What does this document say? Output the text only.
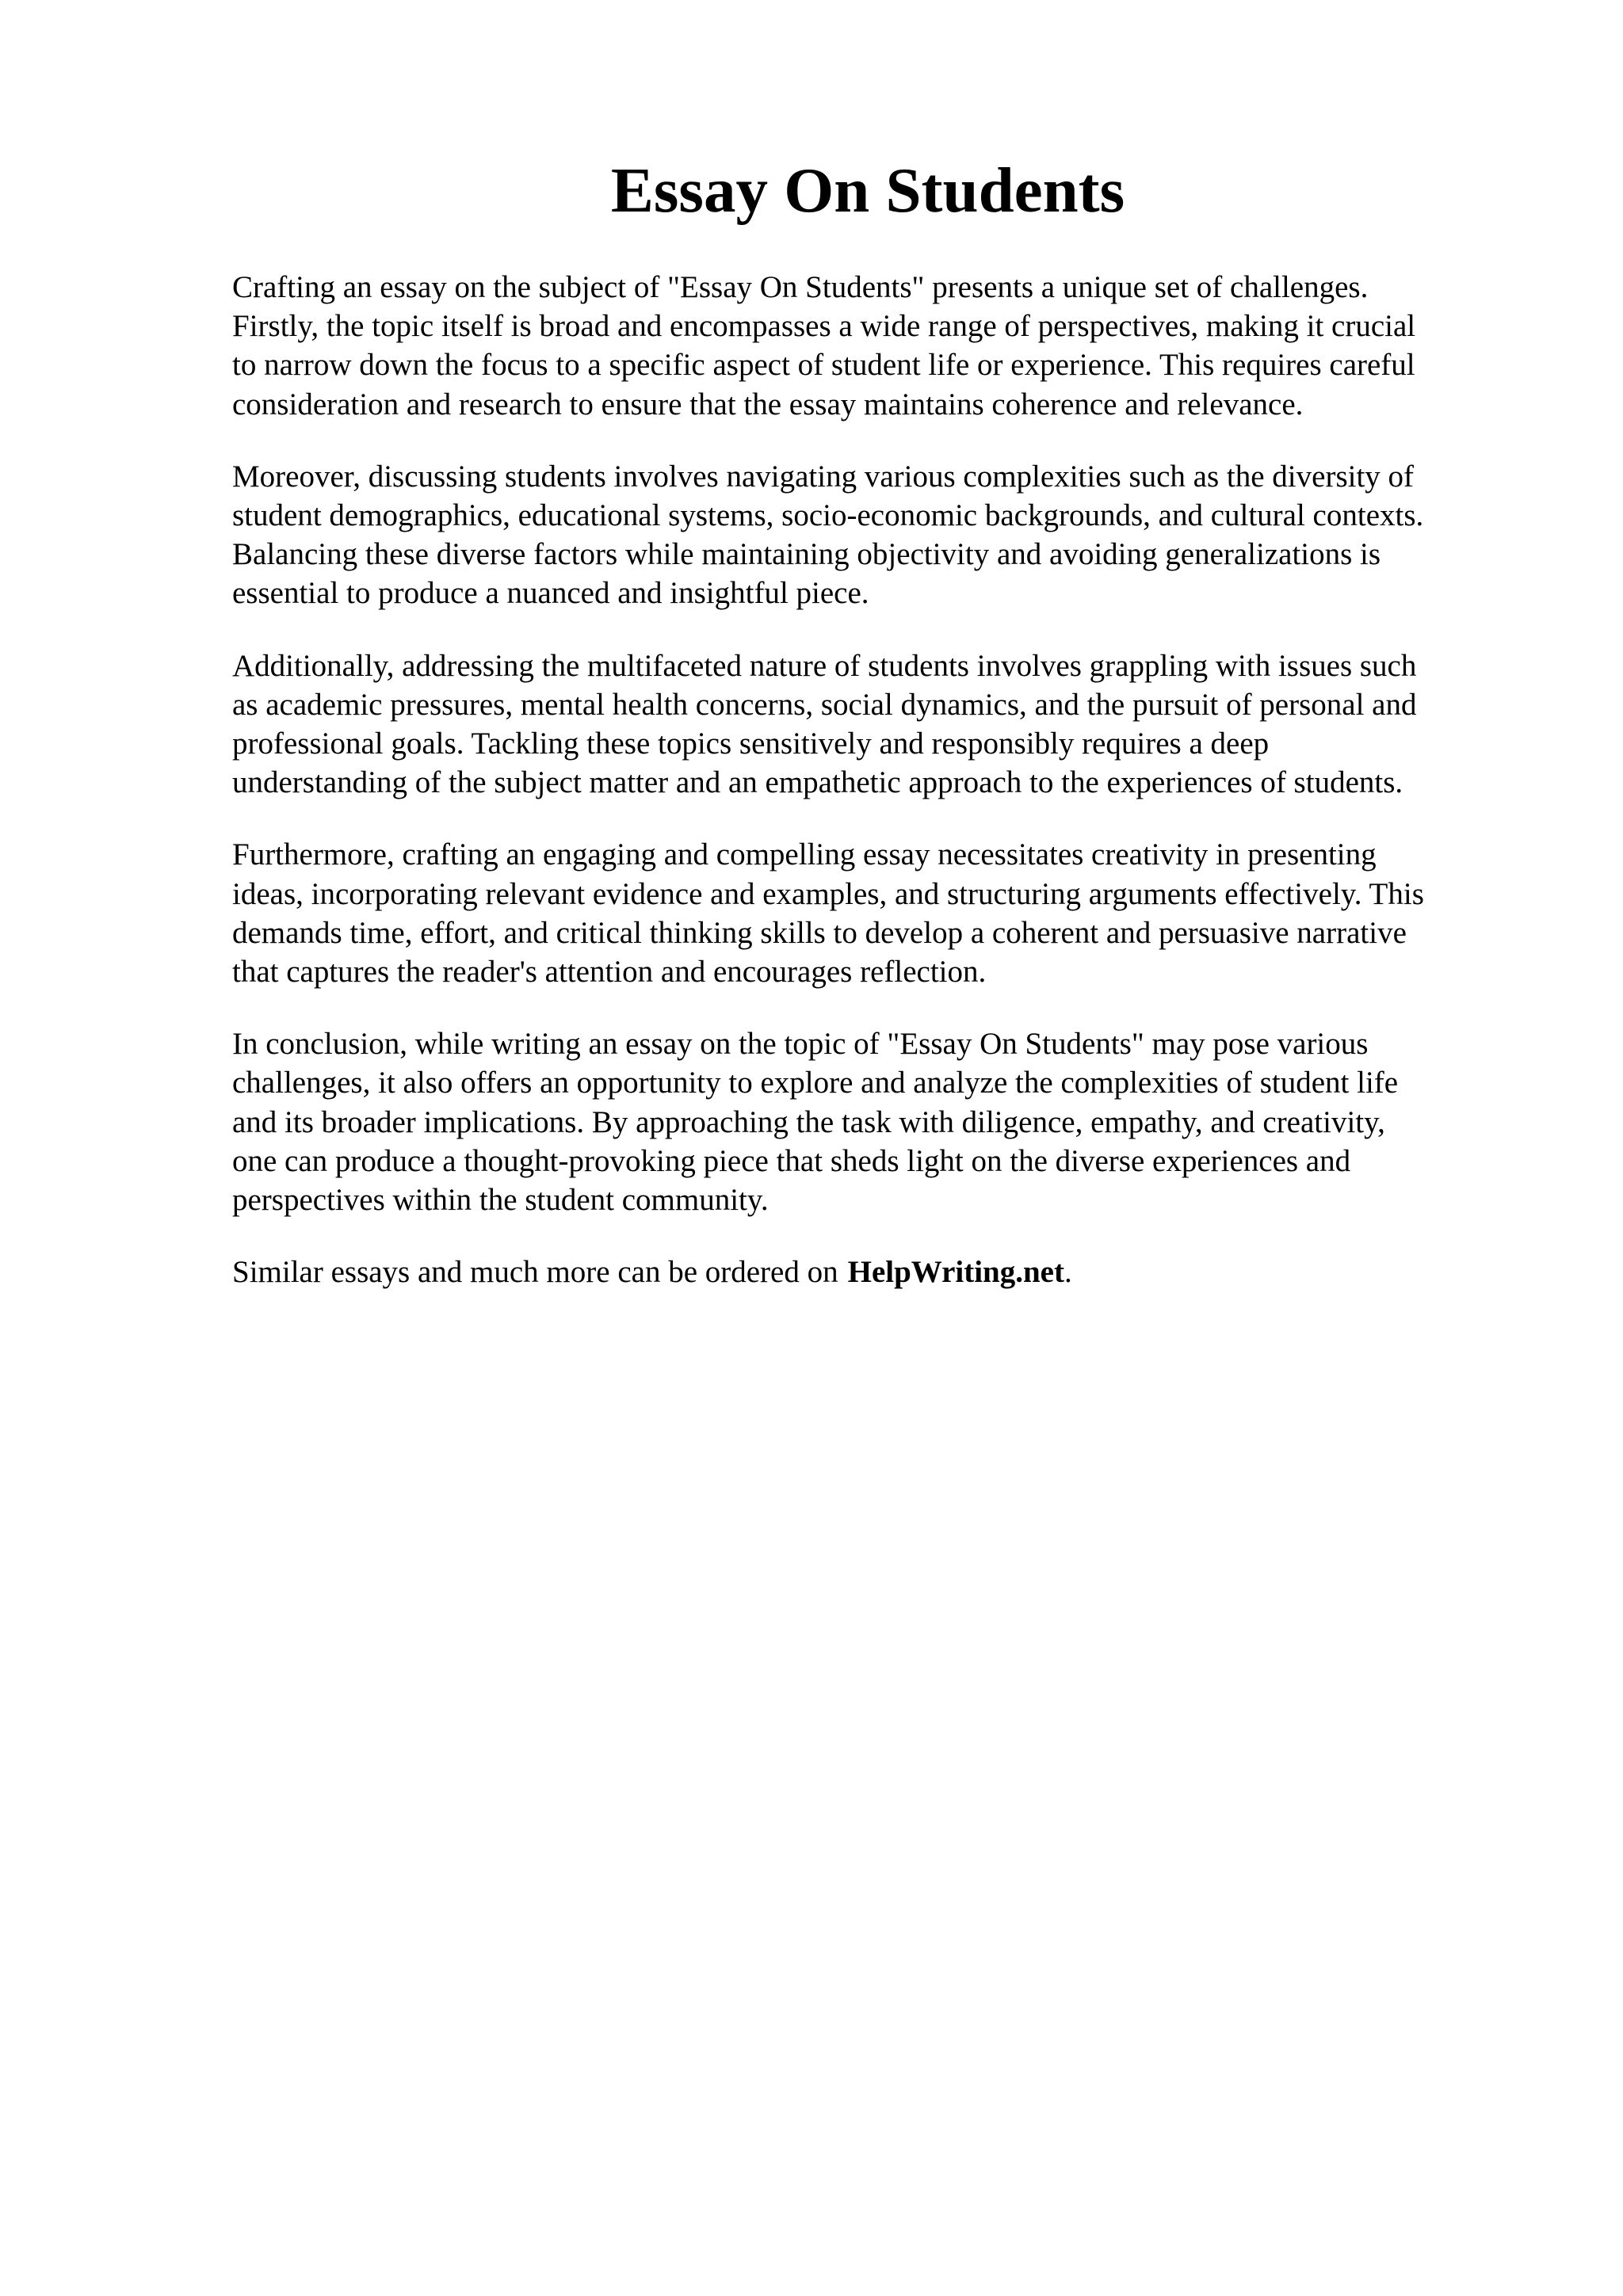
Essay On Students

Crafting an essay on the subject of "Essay On Students" presents a unique set of challenges.
Firstly, the topic itself is broad and encompasses a wide range of perspectives, making it crucial
to narrow down the focus to a specific aspect of student life or experience. This requires careful
consideration and research to ensure that the essay maintains coherence and relevance.

Moreover, discussing students involves navigating various complexities such as the diversity of
student demographics, educational systems, socio-economic backgrounds, and cultural contexts.
Balancing these diverse factors while maintaining objectivity and avoiding generalizations is
essential to produce a nuanced and insightful piece.

Additionally, addressing the multifaceted nature of students involves grappling with issues such
as academic pressures, mental health concerns, social dynamics, and the pursuit of personal and
professional goals. Tackling these topics sensitively and responsibly requires a deep
understanding of the subject matter and an empathetic approach to the experiences of students.

Furthermore, crafting an engaging and compelling essay necessitates creativity in presenting
ideas, incorporating relevant evidence and examples, and structuring arguments effectively. This
demands time, effort, and critical thinking skills to develop a coherent and persuasive narrative
that captures the reader's attention and encourages reflection.

In conclusion, while writing an essay on the topic of "Essay On Students" may pose various
challenges, it also offers an opportunity to explore and analyze the complexities of student life
and its broader implications. By approaching the task with diligence, empathy, and creativity,
one can produce a thought-provoking piece that sheds light on the diverse experiences and
perspectives within the student community.

Similar essays and much more can be ordered on HelpWriting.net.
